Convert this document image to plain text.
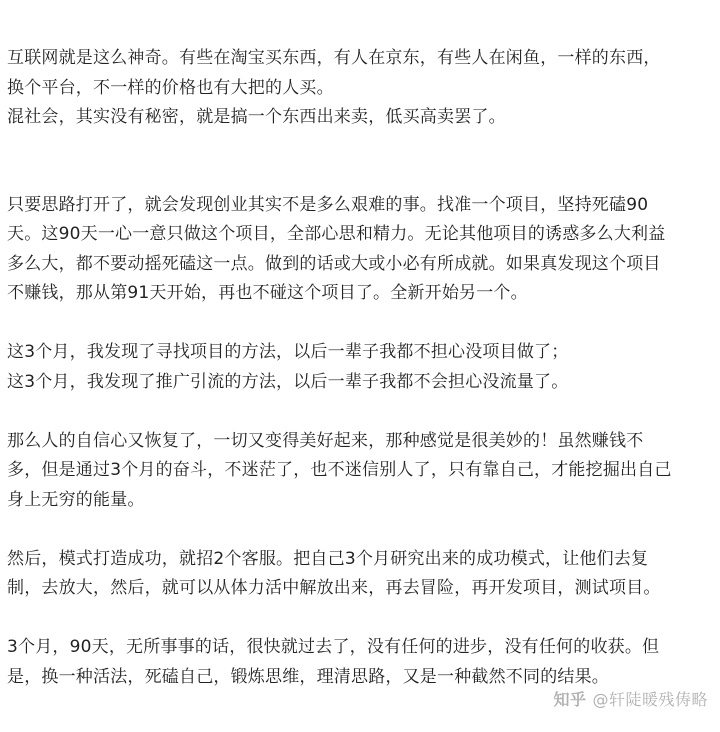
互联网就是这么神奇。有些在淘宝买东西，有人在京东，有些人在闲鱼，一样的东西，
换个平台，不一样的价格也有大把的人买。
混社会，其实没有秘密，就是搞一个东西出来卖，低买高卖罢了。

只要思路打开了，就会发现创业其实不是多么艰难的事。找准一个项目，坚持死磕90
天。这90天一心一意只做这个项目，全部心思和精力。无论其他项目的诱惑多么大利益
多么大，都不要动摇死磕这一点。做到的话或大或小必有所成就。如果真发现这个项目
不赚钱，那从第91天开始，再也不碰这个项目了。全新开始另一个。

这3个月，我发现了寻找项目的方法，以后一辈子我都不担心没项目做了；
这3个月，我发现了推广引流的方法，以后一辈子我都不会担心没流量了。

那么人的自信心又恢复了，一切又变得美好起来，那种感觉是很美妙的！虽然赚钱不
多，但是通过3个月的奋斗，不迷茫了，也不迷信别人了，只有靠自己，才能挖掘出自己
身上无穷的能量。

然后，模式打造成功，就招2个客服。把自己3个月研究出来的成功模式，让他们去复
制，去放大，然后，就可以从体力活中解放出来，再去冒险，再开发项目，测试项目。

3个月，90天，无所事事的话，很快就过去了，没有任何的进步，没有任何的收获。但
是，换一种活法，死磕自己，锻炼思维，理清思路，又是一种截然不同的结果。

知乎 @轩陡暖残俦略
